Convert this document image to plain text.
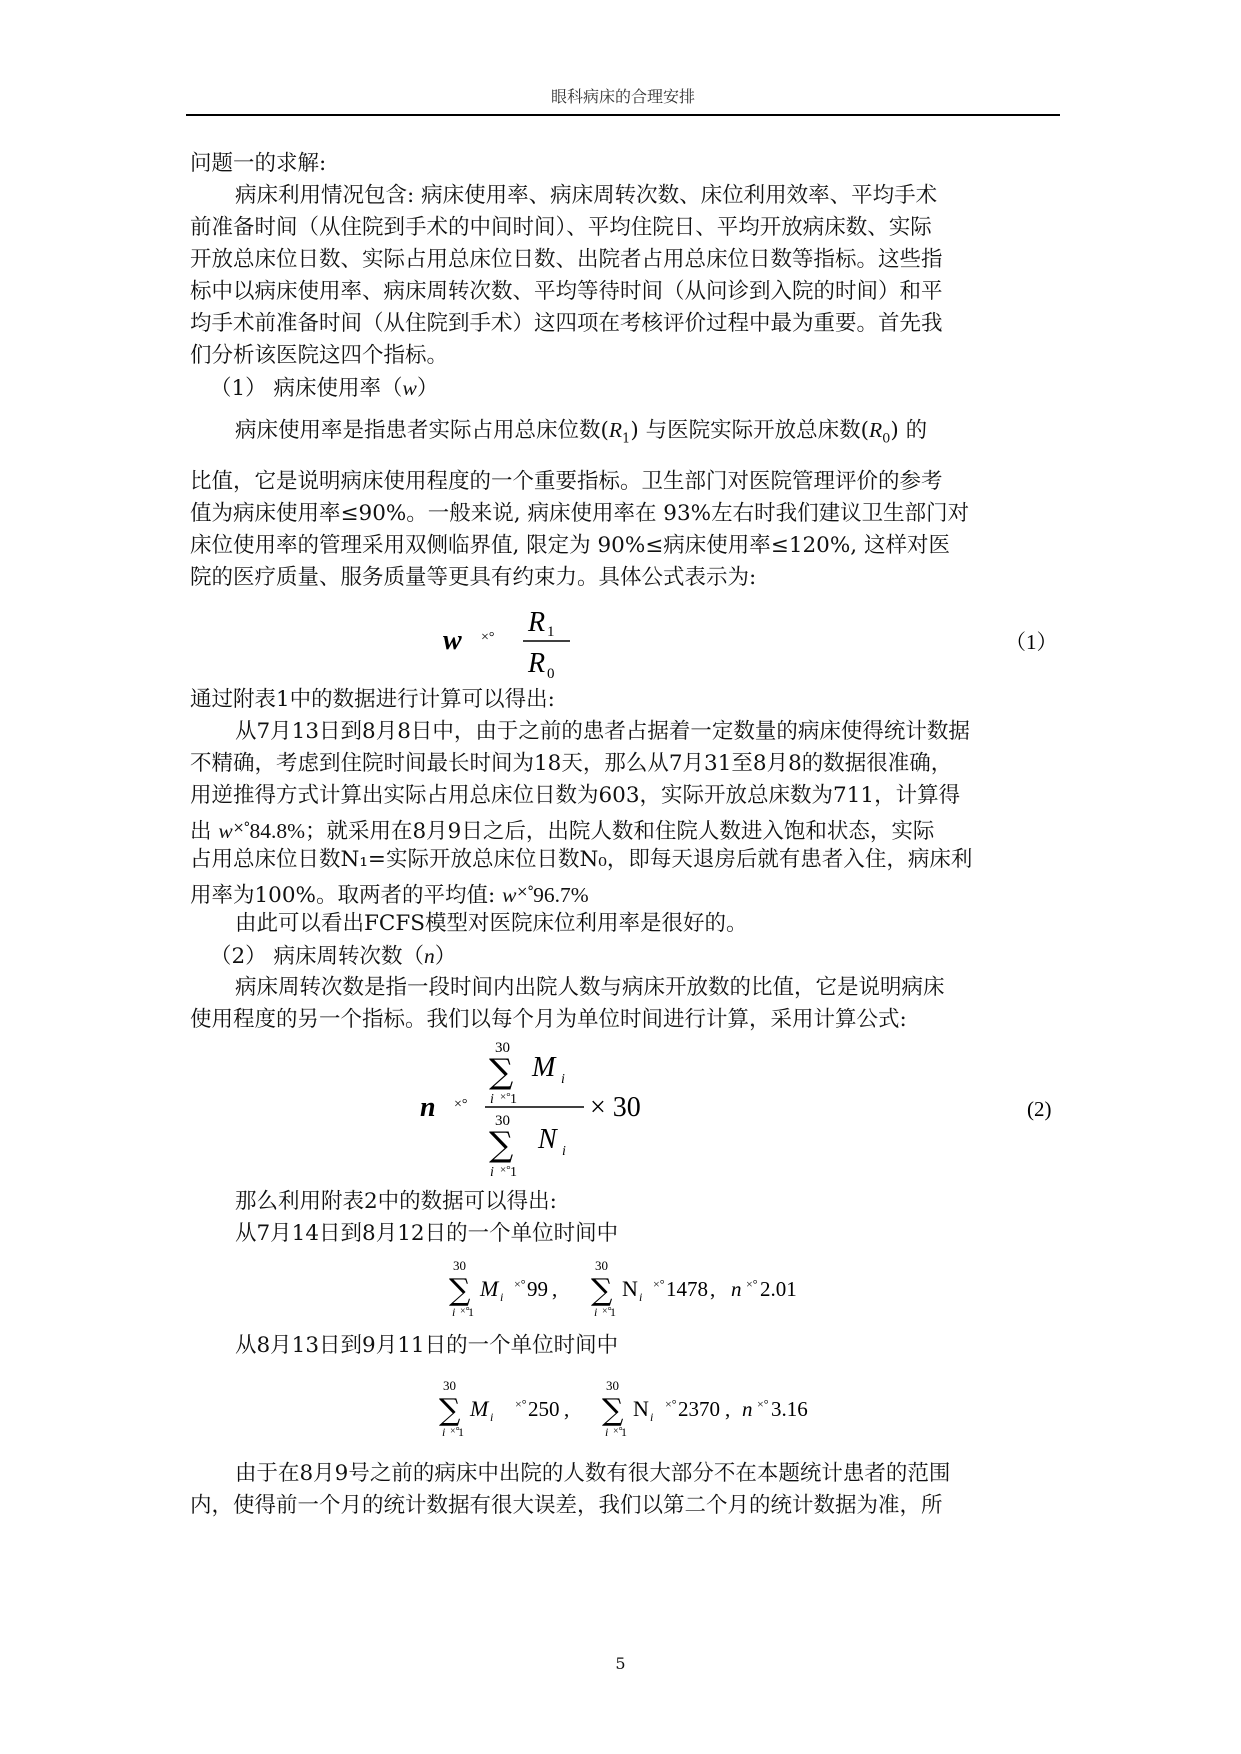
眼科病床的合理安排

问题一的求解:

病床利用情况包含: 病床使用率、病床周转次数、床位利用效率、平均手术

前准备时间（从住院到手术的中间时间）、平均住院日、平均开放病床数、实际

开放总床位日数、实际占用总床位日数、出院者占用总床位日数等指标。这些指

标中以病床使用率、病床周转次数、平均等待时间（从问诊到入院的时间）和平

均手术前准备时间（从住院到手术）这四项在考核评价过程中最为重要。首先我

们分析该医院这四个指标。

（1） 病床使用率（w）

病床使用率是指患者实际占用总床位数$(R_1)$ 与医院实际开放总床数$(R_0)$ 的

比值，它是说明病床使用程度的一个重要指标。卫生部门对医院管理评价的参考

值为病床使用率≤90%。一般来说, 病床使用率在 93%左右时我们建议卫生部门对

床位使用率的管理采用双侧临界值, 限定为 90%≤病床使用率≤120%, 这样对医

院的医疗质量、服务质量等更具有约束力。具体公式表示为:

w ×° R 1
R 0
（1）

通过附表1中的数据进行计算可以得出:

从7月13日到8月8日中，由于之前的患者占据着一定数量的病床使得统计数据

不精确，考虑到住院时间最长时间为18天，那么从7月31至8月8的数据很准确，

用逆推得方式计算出实际占用总床位日数为603，实际开放总床数为711，计算得

出 w×°84.8%；就采用在8月9日之后，出院人数和住院人数进入饱和状态，实际

占用总床位日数N₁=实际开放总床位日数N₀，即每天退房后就有患者入住，病床利

用率为100%。取两者的平均值: w×°96.7%

由此可以看出FCFS模型对医院床位利用率是很好的。

（2） 病床周转次数（n）

病床周转次数是指一段时间内出院人数与病床开放数的比值，它是说明病床

使用程度的另一个指标。我们以每个月为单位时间进行计算，采用计算公式:

n ×°
30
∑
i ×° 1
M i
30
∑
i ×° 1
N i
× 30	(2)

那么利用附表2中的数据可以得出:

从7月14日到8月12日的一个单位时间中

30
∑
i ×°
1
M i
×° 99 ,
30
∑
i ×°
1
N i
×° 1478 , n ×° 2.01

从8月13日到9月11日的一个单位时间中

30
∑
i ×°
1
M i
×° 250 ,
30
∑
i ×°
1
N i
×° 2370 , n ×° 3.16

由于在8月9号之前的病床中出院的人数有很大部分不在本题统计患者的范围

内，使得前一个月的统计数据有很大误差，我们以第二个月的统计数据为准，所

5
